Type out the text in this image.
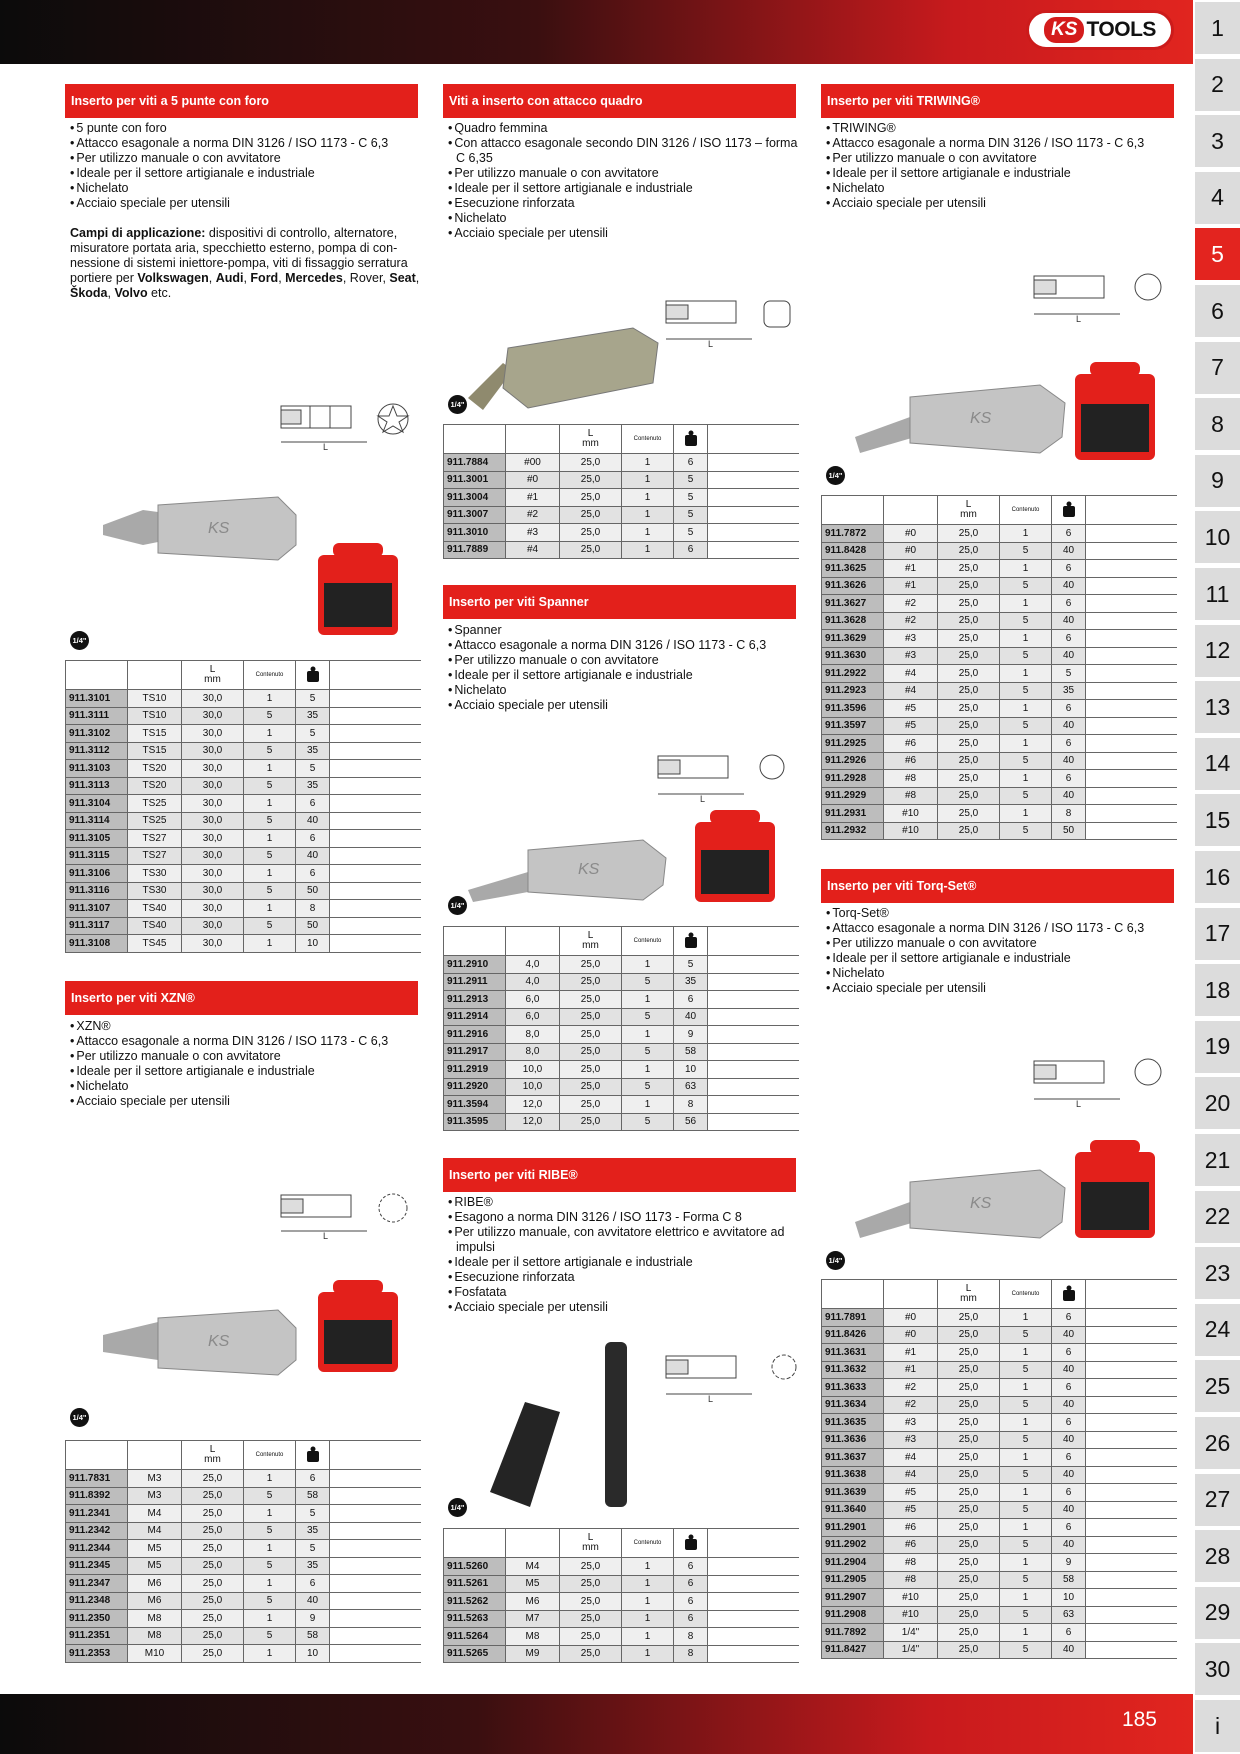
KS TOOLS	1
2
3
4
5
6
7
8
9
10
11
12
13
14
15
16
17
18
19
20
21
22
23
24
25
26
27
28
29
30
i
Inserto per viti a 5 punte con foro
• 5 punte con foro
• Attacco esagonale a norma DIN 3126 / ISO 1173 - C 6,3
• Per utilizzo manuale o con avvitatore
• Ideale per il settore artigianale e industriale
• Nichelato
• Acciaio speciale per utensili
Campi di applicazione: dispositivi di controllo, alternatore, misuratore portata aria, specchietto esterno, pompa di con-nessione di sistemi iniettore-pompa, viti di fissaggio serratura portiere per Volkswagen, Audi, Ford, Mercedes, Rover, Seat, Škoda, Volvo etc.
L
KS
1/4"

		L
mm	Contenuto		
911.3101	TS10	30,0	1	5	
911.3111	TS10	30,0	5	35	
911.3102	TS15	30,0	1	5	
911.3112	TS15	30,0	5	35	
911.3103	TS20	30,0	1	5	
911.3113	TS20	30,0	5	35	
911.3104	TS25	30,0	1	6	
911.3114	TS25	30,0	5	40	
911.3105	TS27	30,0	1	6	
911.3115	TS27	30,0	5	40	
911.3106	TS30	30,0	1	6	
911.3116	TS30	30,0	5	50	
911.3107	TS40	30,0	1	8	
911.3117	TS40	30,0	5	50	
911.3108	TS45	30,0	1	10	
Inserto per viti XZN®
• XZN®
• Attacco esagonale a norma DIN 3126 / ISO 1173 - C 6,3
• Per utilizzo manuale o con avvitatore
• Ideale per il settore artigianale e industriale
• Nichelato
• Acciaio speciale per utensili
L
KS
1/4"

		L
mm	Contenuto		
911.7831	M3	25,0	1	6	
911.8392	M3	25,0	5	58	
911.2341	M4	25,0	1	5	
911.2342	M4	25,0	5	35	
911.2344	M5	25,0	1	5	
911.2345	M5	25,0	5	35	
911.2347	M6	25,0	1	6	
911.2348	M6	25,0	5	40	
911.2350	M8	25,0	1	9	
911.2351	M8	25,0	5	58	
911.2353	M10	25,0	1	10	
Viti a inserto con attacco quadro
• Quadro femmina
• Con attacco esagonale secondo DIN 3126 / ISO 1173 – forma C 6,35
• Per utilizzo manuale o con avvitatore
• Ideale per il settore artigianale e industriale
• Esecuzione rinforzata
• Nichelato
• Acciaio speciale per utensili
L
1/4"

		L
mm	Contenuto		
911.7884	#00	25,0	1	6	
911.3001	#0	25,0	1	5	
911.3004	#1	25,0	1	5	
911.3007	#2	25,0	1	5	
911.3010	#3	25,0	1	5	
911.7889	#4	25,0	1	6	
Inserto per viti Spanner
• Spanner
• Attacco esagonale a norma DIN 3126 / ISO 1173 - C 6,3
• Per utilizzo manuale o con avvitatore
• Ideale per il settore artigianale e industriale
• Nichelato
• Acciaio speciale per utensili
L
KS
1/4"

		L
mm	Contenuto		
911.2910	4,0	25,0	1	5	
911.2911	4,0	25,0	5	35	
911.2913	6,0	25,0	1	6	
911.2914	6,0	25,0	5	40	
911.2916	8,0	25,0	1	9	
911.2917	8,0	25,0	5	58	
911.2919	10,0	25,0	1	10	
911.2920	10,0	25,0	5	63	
911.3594	12,0	25,0	1	8	
911.3595	12,0	25,0	5	56	
Inserto per viti RIBE®
• RIBE®
• Esagono a norma DIN 3126 / ISO 1173 - Forma C 8
• Per utilizzo manuale, con avvitatore elettrico e avvitatore ad impulsi
• Ideale per il settore artigianale e industriale
• Esecuzione rinforzata
• Fosfatata
• Acciaio speciale per utensili
L
1/4"

		L
mm	Contenuto		
911.5260	M4	25,0	1	6	
911.5261	M5	25,0	1	6	
911.5262	M6	25,0	1	6	
911.5263	M7	25,0	1	6	
911.5264	M8	25,0	1	8	
911.5265	M9	25,0	1	8	
Inserto per viti TRIWING®
• TRIWING®
• Attacco esagonale a norma DIN 3126 / ISO 1173 - C 6,3
• Per utilizzo manuale o con avvitatore
• Ideale per il settore artigianale e industriale
• Nichelato
• Acciaio speciale per utensili
L
KS
1/4"

		L
mm	Contenuto		
911.7872	#0	25,0	1	6	
911.8428	#0	25,0	5	40	
911.3625	#1	25,0	1	6	
911.3626	#1	25,0	5	40	
911.3627	#2	25,0	1	6	
911.3628	#2	25,0	5	40	
911.3629	#3	25,0	1	6	
911.3630	#3	25,0	5	40	
911.2922	#4	25,0	1	5	
911.2923	#4	25,0	5	35	
911.3596	#5	25,0	1	6	
911.3597	#5	25,0	5	40	
911.2925	#6	25,0	1	6	
911.2926	#6	25,0	5	40	
911.2928	#8	25,0	1	6	
911.2929	#8	25,0	5	40	
911.2931	#10	25,0	1	8	
911.2932	#10	25,0	5	50	
Inserto per viti Torq-Set®
• Torq-Set®
• Attacco esagonale a norma DIN 3126 / ISO 1173 - C 6,3
• Per utilizzo manuale o con avvitatore
• Ideale per il settore artigianale e industriale
• Nichelato
• Acciaio speciale per utensili
L
KS
1/4"

		L
mm	Contenuto		
911.7891	#0	25,0	1	6	
911.8426	#0	25,0	5	40	
911.3631	#1	25,0	1	6	
911.3632	#1	25,0	5	40	
911.3633	#2	25,0	1	6	
911.3634	#2	25,0	5	40	
911.3635	#3	25,0	1	6	
911.3636	#3	25,0	5	40	
911.3637	#4	25,0	1	6	
911.3638	#4	25,0	5	40	
911.3639	#5	25,0	1	6	
911.3640	#5	25,0	5	40	
911.2901	#6	25,0	1	6	
911.2902	#6	25,0	5	40	
911.2904	#8	25,0	1	9	
911.2905	#8	25,0	5	58	
911.2907	#10	25,0	1	10	
911.2908	#10	25,0	5	63	
911.7892	1/4"	25,0	1	6	
911.8427	1/4"	25,0	5	40	
185
